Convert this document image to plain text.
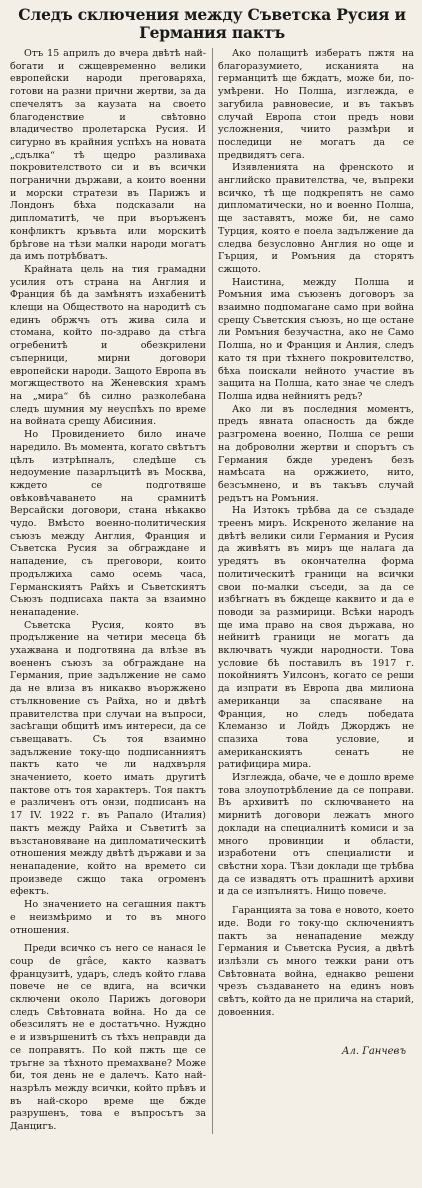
Следъ сключения между Съветска Русия и Германия пактъ

Отъ 15 априлъ до вчера двѣтѣ най-богати и сжщевременно велики европейски народи преговаряха, готови на разни прични жертви, за да спечелятъ за каузата на своето благоденствие и свѣтовно владичество пролетарска Русия. И сигурно въ крайния успѣхъ на новата „сдълка“ тѣ щедро разливаха покровителството си и въ всички погранични държави, а които военни и морски стратези въ Парижъ и Лондонъ бѣха подсказали на дипломатитѣ, че при въоръженъ конфликтъ кръвьта или морскитѣ брѣгове на тѣзи малки народи могатъ да имъ потрѣбватъ.

Крайната цель на тия грамадни усилия отъ страна на Англия и Франция бѣ да замѣнятъ изхабенитѣ клещи на Обществото на народитѣ съ единъ обржчъ отъ жива сила и стомана, който по-здраво да стѣга огребенитѣ и обезкрилени съперници, мирни договори европейски народи. Защото Европа въ могжществото на Женевския храмъ на „мира“ бѣ силно разколебана следъ шумния му неуспѣхъ по време на войната срещу Абисиния.

Но Провидението било иначе наредило. Въ момента, когато свѣтътъ цѣлъ изтрѣпналъ, следѣше съ недоумение пазарлъцитѣ въ Москва, кждето се подготвяше овѣковѣчаването на срамнитѣ Версайски договори, стана нѣкакво чудо. Вмѣсто военно-политическия съюзъ между Англия, Франция и Съветска Русия за обграждане и нападение, съ преговори, които продължиха само осемь часа, Германскиятъ Райхъ и Съветскиятъ Съюзъ подписаха пакта за взаимно ненападение.

Съветска Русия, която въ продължение на четири месеца бѣ ухажвана и подготвяна да влѣзе въ воененъ съюзъ за обграждане на Германия, прие задължение не само да не влиза въ никакво въоржжено стълкновение съ Райха, но и двѣтѣ правителства при случаи на въпроси, засѣгащи общитѣ имъ интереси, да се съвещаватъ. Съ тоя взаимно задължение току-що подписанниятъ пактъ като че ли надхвърля значението, което имать другитѣ пактове отъ тоя характеръ. Тоя пактъ е различенъ отъ онзи, подписанъ на 17 IV. 1922 г. въ Рапало (Италия) пактъ между Райха и Съветитѣ за възстановяване на дипломатическитѣ отношения между двѣтѣ държави и за ненападение, който на времето си произведе сжщо така огроменъ ефектъ.

Но значението на сегашния пактъ е неизмѣримо и то въ много отношения.

Преди всичко съ него се нанася le coup de grâce, както казватъ французитѣ, ударъ, следъ който глава повече не се вдига, на всички сключени около Парижъ договори следъ Свѣтовната война. Но да се обезсилятъ не е достатъчно. Нуждно е и извършенитѣ съ тѣхъ неправди да се поправятъ. По кой пжть ще се тръгне за тѣхното премахване? Може би, тоя день не е далечъ. Като най-назрѣлъ между всички, който прѣвъ и въ най-скоро време ще бжде разрушенъ, това е въпросътъ за Данцигъ.

Ако полащитѣ избератъ пжтя на благоразумието, исканията на германцитѣ ще бждатъ, може би, по-умѣрени. Но Полша, изглежда, е загубила равновесие, и въ такъвъ случай Европа стои предъ нови усложнения, чиито размѣри и последици не могатъ да се предвидятъ сега.

Изявленията на френското и английско правителства, че, въпреки всичко, тѣ ще подкрепятъ не само дипломатически, но и военно Полша, ще заставятъ, може би, не само Турция, която е поела задължение да следва безусловно Англия но още и Гърция, и Ромъния да сторятъ сжщото.

Наистина, между Полша и Ромъния има съюзенъ договоръ за взаимно подпомагане само при война срещу Съветския съюзъ, но ще остане ли Ромъния безучастна, ако не Само Полша, но и Франция и Анлия, следъ като тя при тѣхнего покровителство, бѣха поискали нейното участие въ защита на Полша, като знае че следъ Полша идва нейниятъ редъ?

Ако ли въ последния моментъ, предъ явната опасность да бжде разгромена военно, Полша се реши на доброволни жертви и спорътъ съ Германия бжде уреденъ безъ намѣсата на оржжието, нито, безсъмнено, и въ такъвъ случай редътъ на Ромъния.

На Изтокъ трѣбва да се създаде треенъ миръ. Искреното желание на двѣтѣ велики сили Германия и Русия да живѣятъ въ миръ ще налага да уредятъ въ окончателна форма политическитѣ граници на всички свои по-малки съседи, за да се избѣгнатъ въ бждеще каквито и да е поводи за размирици. Всѣки народъ ще има право на своя държава, но нейнитѣ граници не могатъ да включватъ чужди народности. Това условие бѣ поставилъ въ 1917 г. покойниятъ Уилсонъ, когато се реши да изпрати въ Европа два милиона американци за спасяване на Франция, но следъ победата Клеманзо и Лойдъ Джорджъ не спазиха това условие, и американскиятъ сенатъ не ратифицира мира.

Изглежда, обаче, че е дошло време това злоупотрѣбление да се поправи. Въ архивитѣ по сключването на мирнитѣ договори лежатъ много доклади на специалнитѣ комиси и за много провинции и области, изработени отъ специалисти и свѣстни хора. Тѣзи доклади ще трѣбва да се извадятъ отъ прашнитѣ архиви и да се изпълнятъ. Нищо повече.

Гаранцията за това е новото, което иде. Води го току-що сключениятъ пактъ за ненападение между Германия и Съветска Русия, а двѣтѣ излѣзли съ много тежки рани отъ Свѣтовната война, еднакво решени чрезъ създаването на единъ новъ свѣтъ, който да не прилича на старий, довоенния.

Ал. Ганчевъ
